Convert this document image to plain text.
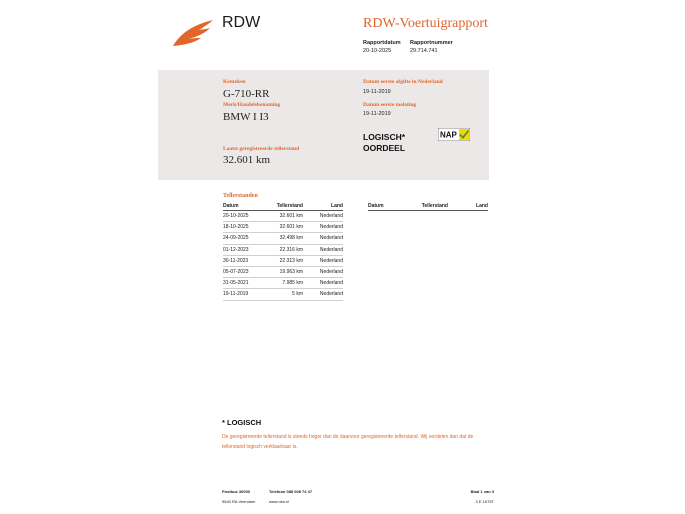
RDW	RDW-Voertuigrapport
Rapportdatum
20-10-2025
Rapportnummer
29.714.741
Kenteken
G-710-RR
Merk/Handelsbenaming
BMW I I3
Laatst geregistreerde tellerstand
32.601 km
Datum eerste afgifte in Nederland
19-11-2019
Datum eerste toelating
19-11-2019
LOGISCH*
OORDEEL
NAP
Tellerstanden
Datum	Tellerstand	Land
20-10-2025	32.601 km	Nederland
18-10-2025	32.601 km	Nederland
24-09-2025	32.498 km	Nederland
01-12-2023	22.316 km	Nederland
30-11-2023	22.313 km	Nederland
05-07-2023	19.963 km	Nederland
31-05-2021	7.985 km	Nederland
19-11-2019	5 km	Nederland
Datum	Tellerstand	Land
* LOGISCH
De geregistreerde tellerstand is steeds hoger dan de daarvoor geregistreerde tellerstand. Wij oordelen dan dat de tellerstand logisch verklaarbaar is.
Postbus 30000
9640 RA Veendam
Telefoon 088 008 74 47
www.rdw.nl
Blad 1 van 3
3 E 1675T
